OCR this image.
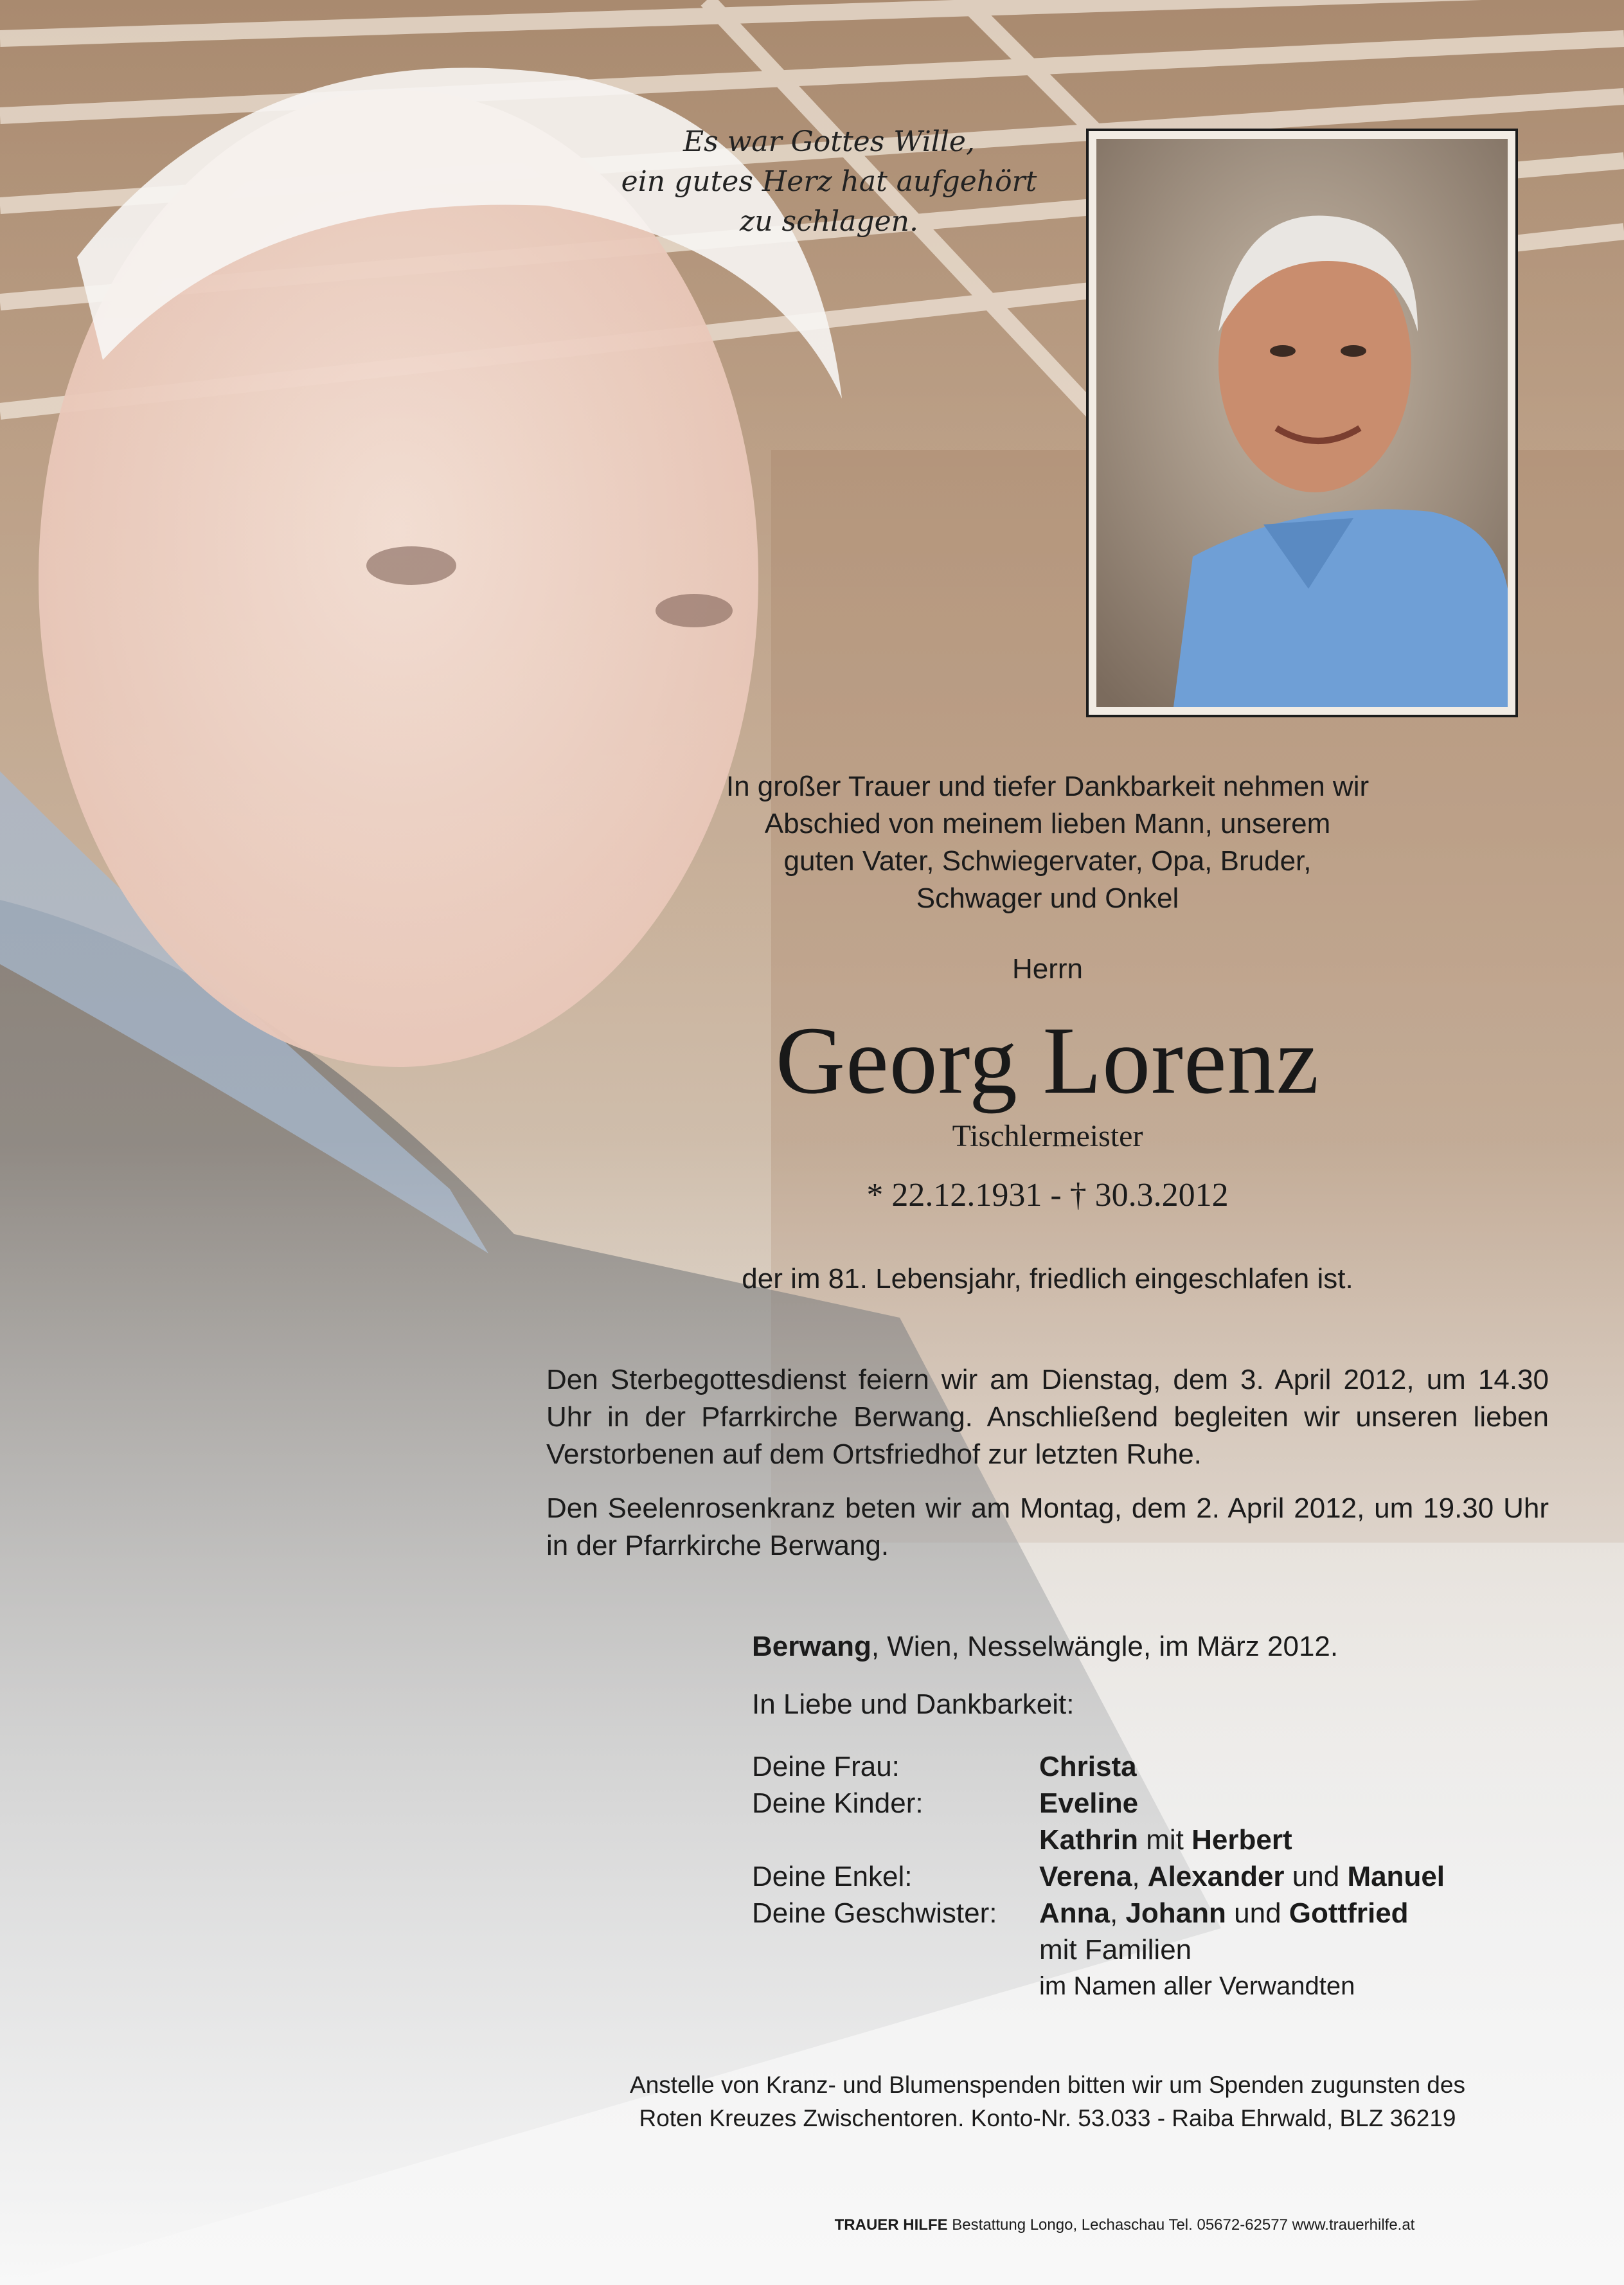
Es war Gottes Wille,
ein gutes Herz hat aufgehört
zu schlagen.
In großer Trauer und tiefer Dankbarkeit nehmen wir
Abschied von meinem lieben Mann, unserem
guten Vater, Schwiegervater, Opa, Bruder,
Schwager und Onkel
Herrn
Georg Lorenz
Tischlermeister
* 22.12.1931 - † 30.3.2012
der im 81. Lebensjahr, friedlich eingeschlafen ist.
Den Sterbegottesdienst feiern wir am Dienstag, dem 3. April 2012, um 14.30 Uhr in der Pfarrkirche Berwang. Anschließend begleiten wir unseren lieben Verstorbenen auf dem Ortsfriedhof zur letzten Ruhe.
Den Seelenrosenkranz beten wir am Montag, dem 2. April 2012, um 19.30 Uhr in der Pfarrkirche Berwang.
Berwang, Wien, Nesselwängle, im März 2012.
In Liebe und Dankbarkeit:
Deine Frau:	Christa
Deine Kinder:	Eveline
Kathrin mit Herbert
Deine Enkel:	Verena, Alexander und Manuel
Deine Geschwister:	Anna, Johann und Gottfried
mit Familien
im Namen aller Verwandten
Anstelle von Kranz- und Blumenspenden bitten wir um Spenden zugunsten des
Roten Kreuzes Zwischentoren. Konto-Nr. 53.033 - Raiba Ehrwald, BLZ 36219
TRAUER HILFE Bestattung Longo, Lechaschau Tel. 05672-62577 www.trauerhilfe.at
